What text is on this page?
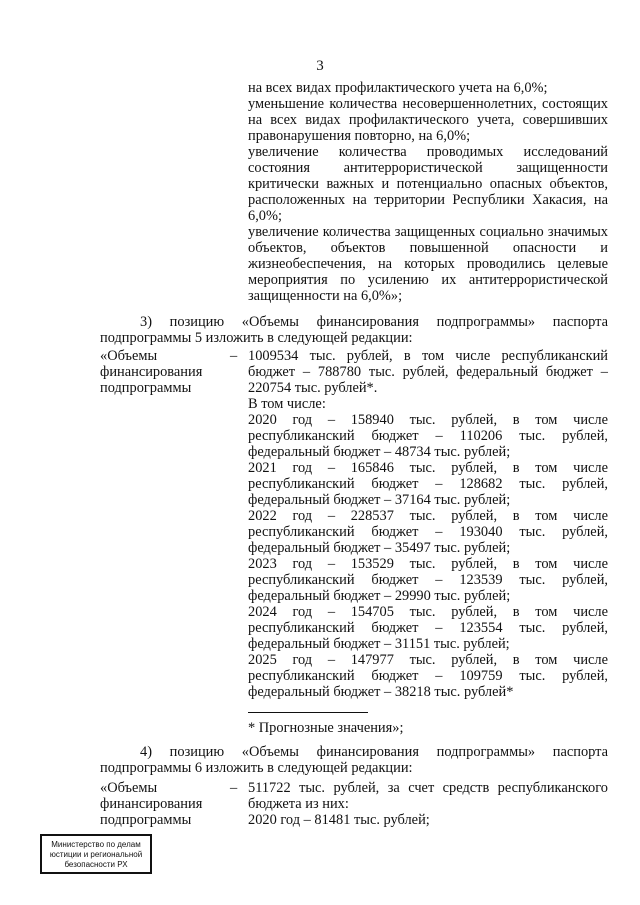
3

на всех видах профилактического учета на 6,0%;

уменьшение количества несовершеннолетних, состоящих на всех видах профилактического учета, совершивших правонарушения повторно, на 6,0%;

увеличение количества проводимых исследований состояния антитеррористической защищенности критически важных и потенциально опасных объектов, расположенных на территории Республики Хакасия, на 6,0%;

увеличение количества защищенных социально значимых объектов, объектов повышенной опасности и жизнеобеспечения, на которых проводились целевые мероприятия по усилению их антитеррористической защищенности на 6,0%»;

3) позицию «Объемы финансирования подпрограммы» паспорта подпрограммы 5 изложить в следующей редакции:
«Объемы
финансирования
подпрограммы
– 1009534 тыс. рублей, в том числе республиканский бюджет – 788780 тыс. рублей, федеральный бюджет – 220754 тыс. рублей*.

В том числе:

2020 год – 158940 тыс. рублей, в том числе республиканский бюджет – 110206 тыс. рублей, федеральный бюджет – 48734 тыс. рублей;

2021 год – 165846 тыс. рублей, в том числе республиканский бюджет – 128682 тыс. рублей, федеральный бюджет – 37164 тыс. рублей;

2022 год – 228537 тыс. рублей, в том числе республиканский бюджет – 193040 тыс. рублей, федеральный бюджет – 35497 тыс. рублей;

2023 год – 153529 тыс. рублей, в том числе республиканский бюджет – 123539 тыс. рублей, федеральный бюджет – 29990 тыс. рублей;

2024 год – 154705 тыс. рублей, в том числе республиканский бюджет – 123554 тыс. рублей, федеральный бюджет – 31151 тыс. рублей;

2025 год – 147977 тыс. рублей, в том числе республиканский бюджет – 109759 тыс. рублей, федеральный бюджет – 38218 тыс. рублей*

* Прогнозные значения»;
4) позицию «Объемы финансирования подпрограммы» паспорта подпрограммы 6 изложить в следующей редакции:
«Объемы
финансирования
подпрограммы
– 511722 тыс. рублей, за счет средств республиканского бюджета из них:

2020 год – 81481 тыс. рублей;

Министерство по делам
юстиции и региональной
безопасности РХ
